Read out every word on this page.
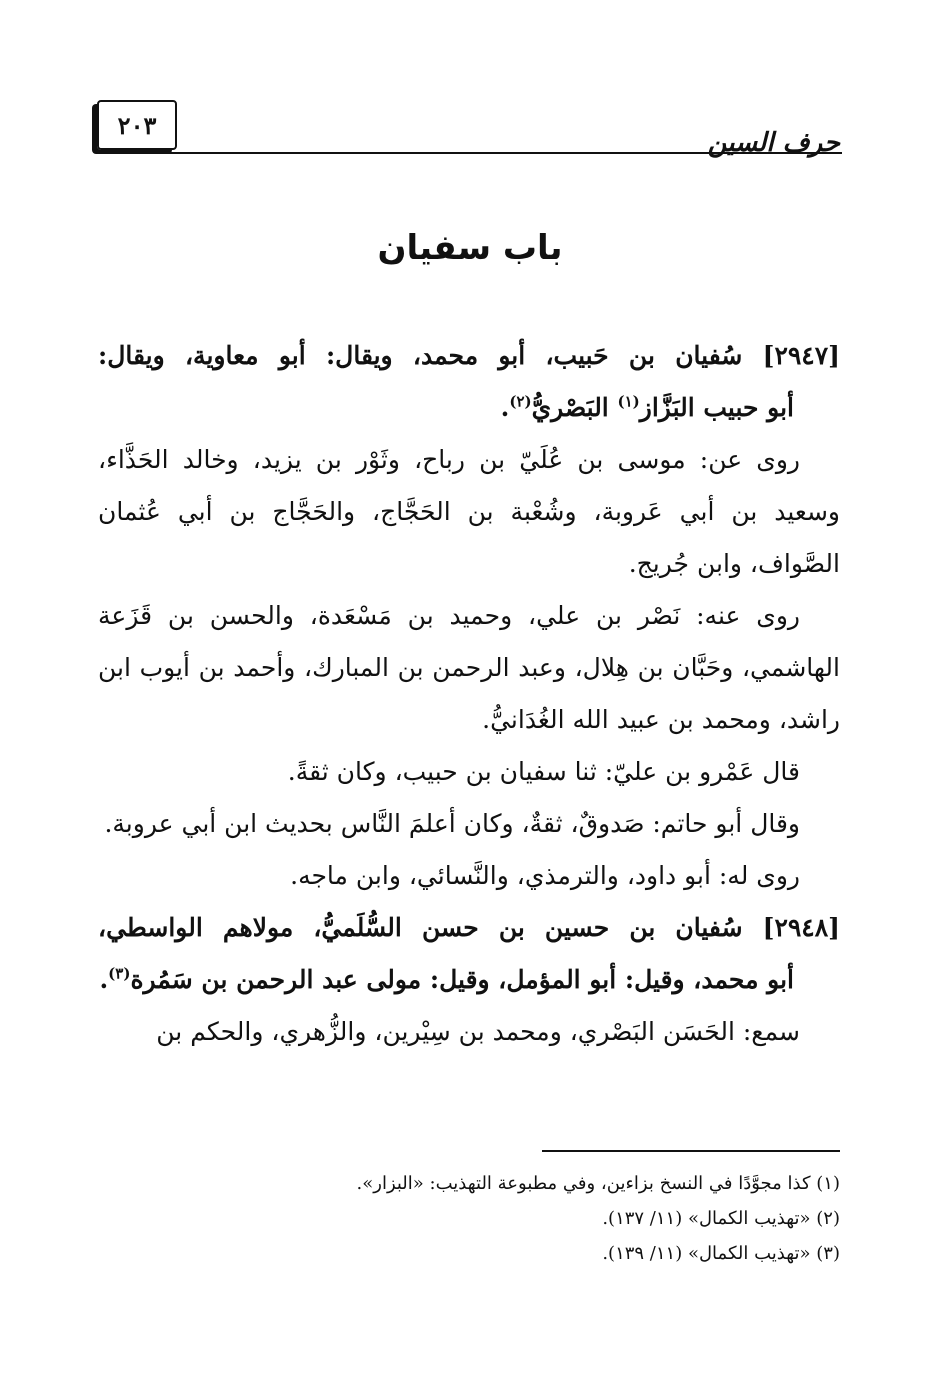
حرف السين
٢٠٣
باب سفيان
[٢٩٤٧] سُفيان بن حَبيب، أبو محمد، ويقال: أبو معاوية، ويقال:
أبو حبيب البَزَّاز$^{(١)}$ البَصْريُّ$^{(٢)}$.

روى عن: موسى بن عُلَيّ بن رباح، وثَوْر بن يزيد، وخالد الحَذَّاء، وسعيد بن أبي عَروبة، وشُعْبة بن الحَجَّاج، والحَجَّاج بن أبي عُثمان الصَّواف، وابن جُريج.

روى عنه: نَصْر بن علي، وحميد بن مَسْعَدة، والحسن بن قَزَعة الهاشمي، وحَبَّان بن هِلال، وعبد الرحمن بن المبارك، وأحمد بن أيوب ابن راشد، ومحمد بن عبيد الله الغُدَانيُّ.

قال عَمْرو بن عليّ: ثنا سفيان بن حبيب، وكان ثقةً.

وقال أبو حاتم: صَدوقٌ، ثقةٌ، وكان أعلمَ النَّاس بحديث ابن أبي عروبة.

روى له: أبو داود، والترمذي، والنَّسائي، وابن ماجه.

[٢٩٤٨] سُفيان بن حسين بن حسن السُّلَميُّ، مولاهم الواسطي،
أبو محمد، وقيل: أبو المؤمل، وقيل: مولى عبد الرحمن بن سَمُرة$^{(٣)}$.

سمع: الحَسَن البَصْري، ومحمد بن سِيْرين، والزُّهري، والحكم بن

(١) كذا مجوَّدًا في النسخ بزاءين، وفي مطبوعة التهذيب: «البزار».

(٢) «تهذيب الكمال» (١١/ ١٣٧).

(٣) «تهذيب الكمال» (١١/ ١٣٩).
